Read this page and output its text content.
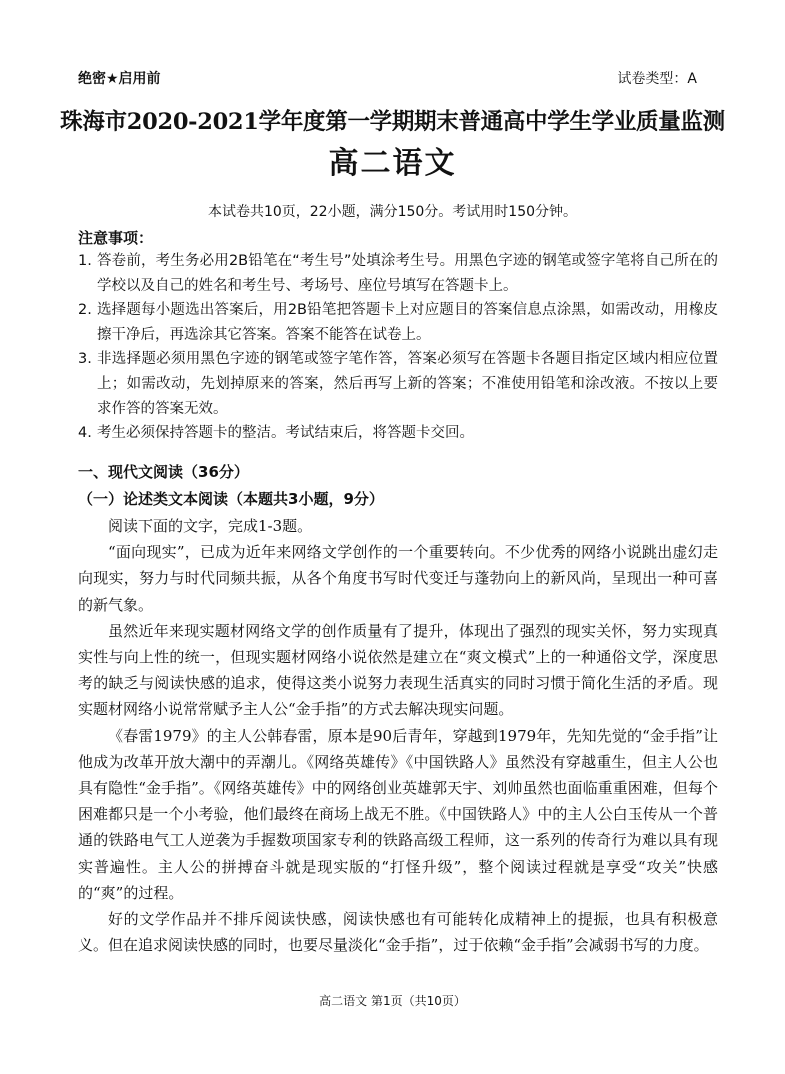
绝密★启用前	试卷类型：A
珠海市2020-2021学年度第一学期期末普通高中学生学业质量监测
高二语文
本试卷共10页，22小题，满分150分。考试用时150分钟。
注意事项：
1. 答卷前，考生务必用2B铅笔在“考生号”处填涂考生号。用黑色字迹的钢笔或签字笔将自己所在的学校以及自己的姓名和考生号、考场号、座位号填写在答题卡上。
2. 选择题每小题选出答案后，用2B铅笔把答题卡上对应题目的答案信息点涂黑，如需改动，用橡皮擦干净后，再选涂其它答案。答案不能答在试卷上。
3. 非选择题必须用黑色字迹的钢笔或签字笔作答，答案必须写在答题卡各题目指定区域内相应位置上；如需改动，先划掉原来的答案，然后再写上新的答案；不准使用铅笔和涂改液。不按以上要求作答的答案无效。
4. 考生必须保持答题卡的整洁。考试结束后，将答题卡交回。
一、现代文阅读（36分）
（一）论述类文本阅读（本题共3小题，9分）

阅读下面的文字，完成1-3题。

“面向现实”，已成为近年来网络文学创作的一个重要转向。不少优秀的网络小说跳出虚幻走向现实，努力与时代同频共振，从各个角度书写时代变迁与蓬勃向上的新风尚，呈现出一种可喜的新气象。

虽然近年来现实题材网络文学的创作质量有了提升，体现出了强烈的现实关怀，努力实现真实性与向上性的统一，但现实题材网络小说依然是建立在“爽文模式”上的一种通俗文学，深度思考的缺乏与阅读快感的追求，使得这类小说努力表现生活真实的同时习惯于简化生活的矛盾。现实题材网络小说常常赋予主人公“金手指”的方式去解决现实问题。

《春雷1979》的主人公韩春雷，原本是90后青年，穿越到1979年，先知先觉的“金手指”让他成为改革开放大潮中的弄潮儿。《网络英雄传》《中国铁路人》虽然没有穿越重生，但主人公也具有隐性“金手指”。《网络英雄传》中的网络创业英雄郭天宇、刘帅虽然也面临重重困难，但每个困难都只是一个小考验，他们最终在商场上战无不胜。《中国铁路人》中的主人公白玉传从一个普通的铁路电气工人逆袭为手握数项国家专利的铁路高级工程师，这一系列的传奇行为难以具有现实普遍性。主人公的拼搏奋斗就是现实版的“打怪升级”，整个阅读过程就是享受“攻关”快感的“爽”的过程。

好的文学作品并不排斥阅读快感，阅读快感也有可能转化成精神上的提振，也具有积极意义。但在追求阅读快感的同时，也要尽量淡化“金手指”，过于依赖“金手指”会减弱书写的力度。

高二语文 第1页（共10页）
